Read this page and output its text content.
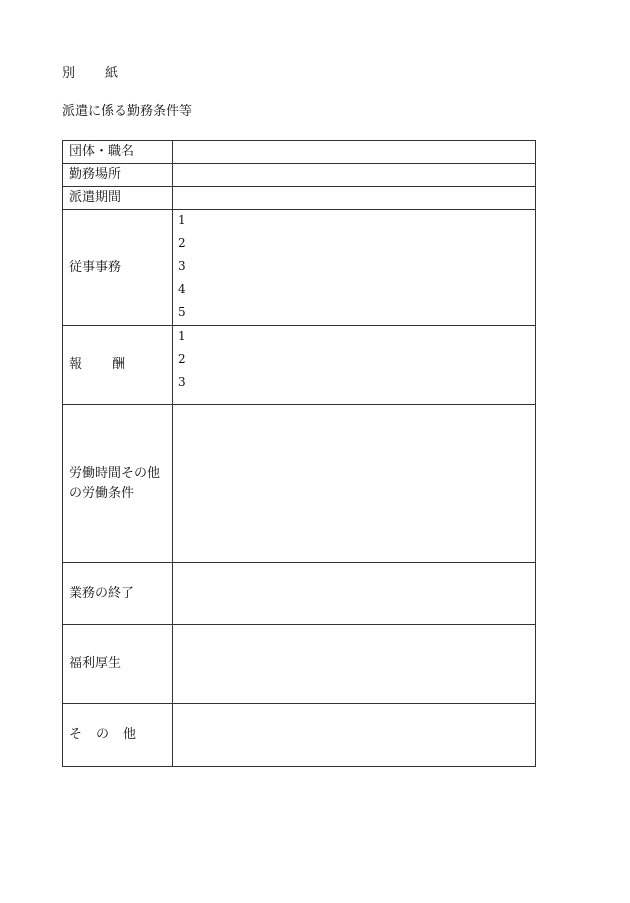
別 紙
派遣に係る勤務条件等
団体・職名	
勤務場所	
派遣期間	
従事事務	1
2
3
4
5

報 酬	1
2
3

労働時間その他
の労働条件	

業務の終了	
福利厚生	
そ の 他	
